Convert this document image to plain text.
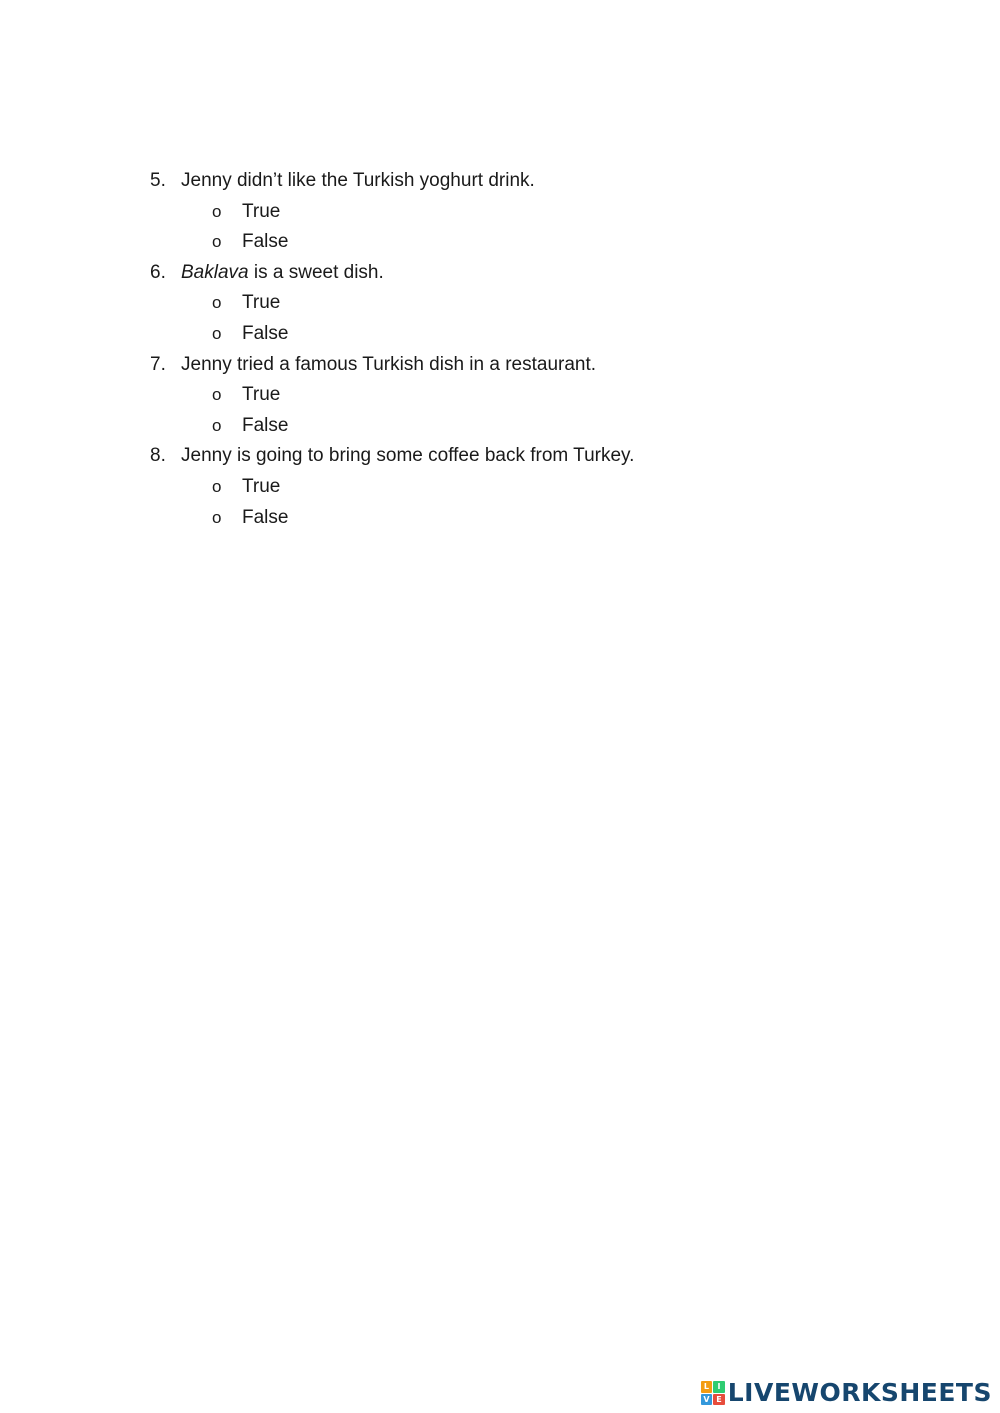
5. Jenny didn’t like the Turkish yoghurt drink.
o True
o False
6. Baklava is a sweet dish.
o True
o False
7. Jenny tried a famous Turkish dish in a restaurant.
o True
o False
8. Jenny is going to bring some coffee back from Turkey.
o True
o False
L	I
V E LIVEWORKSHEETS
